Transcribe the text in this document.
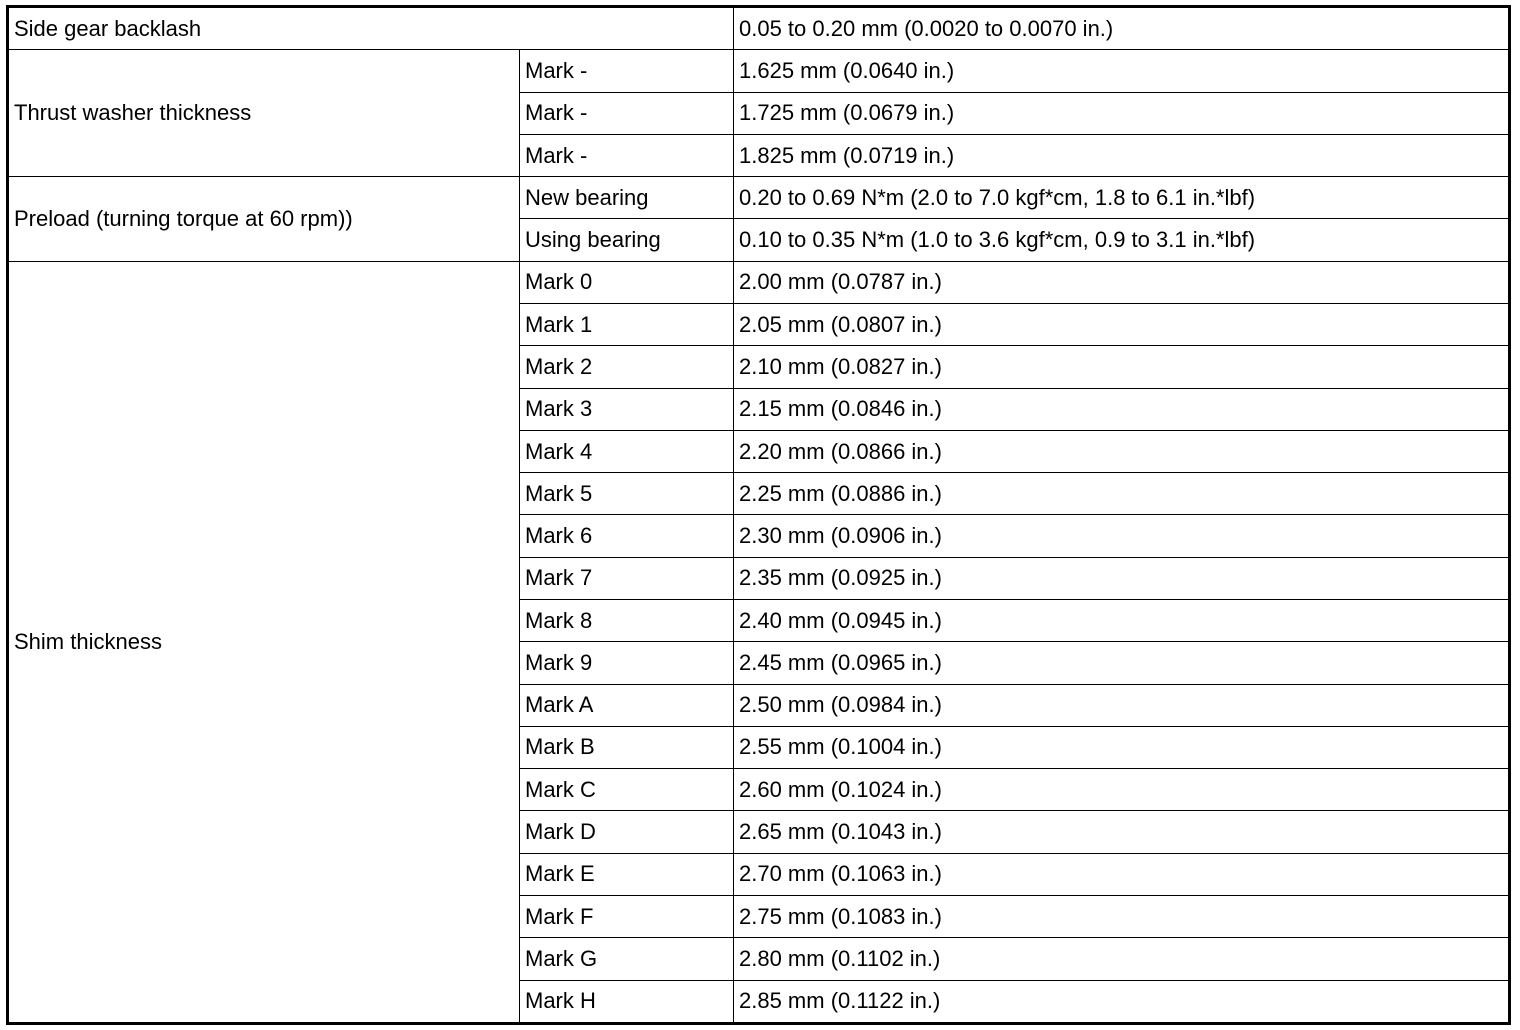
Side gear backlash		0.05 to 0.20 mm (0.0020 to 0.0070 in.)
Thrust washer thickness	Mark -	1.625 mm (0.0640 in.)
	Mark -	1.725 mm (0.0679 in.)
	Mark -	1.825 mm (0.0719 in.)
Preload (turning torque at 60 rpm))	New bearing	0.20 to 0.69 N*m (2.0 to 7.0 kgf*cm, 1.8 to 6.1 in.*lbf)
	Using bearing	0.10 to 0.35 N*m (1.0 to 3.6 kgf*cm, 0.9 to 3.1 in.*lbf)
Shim thickness	Mark 0	2.00 mm (0.0787 in.)
	Mark 1	2.05 mm (0.0807 in.)
	Mark 2	2.10 mm (0.0827 in.)
	Mark 3	2.15 mm (0.0846 in.)
	Mark 4	2.20 mm (0.0866 in.)
	Mark 5	2.25 mm (0.0886 in.)
	Mark 6	2.30 mm (0.0906 in.)
	Mark 7	2.35 mm (0.0925 in.)
	Mark 8	2.40 mm (0.0945 in.)
	Mark 9	2.45 mm (0.0965 in.)
	Mark A	2.50 mm (0.0984 in.)
	Mark B	2.55 mm (0.1004 in.)
	Mark C	2.60 mm (0.1024 in.)
	Mark D	2.65 mm (0.1043 in.)
	Mark E	2.70 mm (0.1063 in.)
	Mark F	2.75 mm (0.1083 in.)
	Mark G	2.80 mm (0.1102 in.)
	Mark H	2.85 mm (0.1122 in.)
